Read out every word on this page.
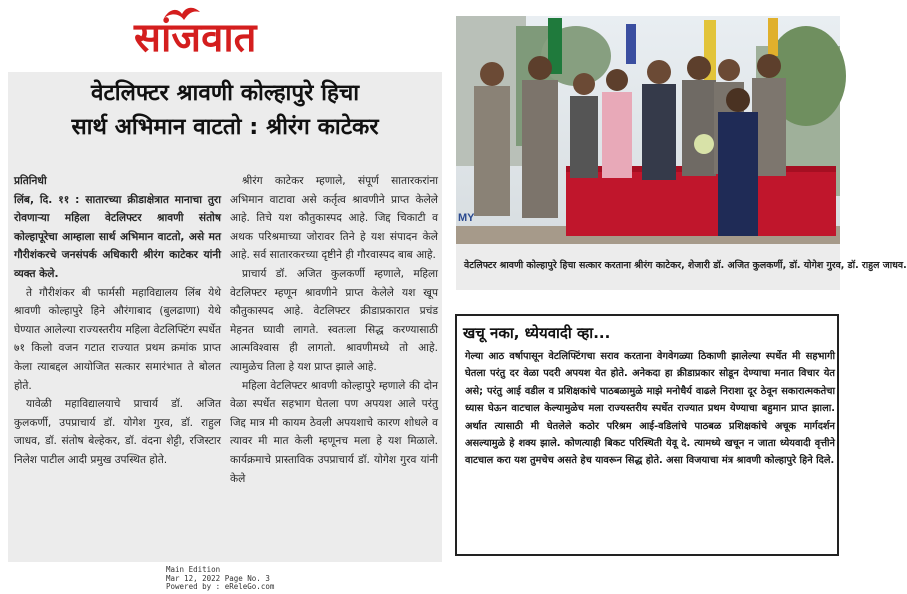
सांजवात
वेटलिफ्टर श्रावणी कोल्हापुरे हिचा
सार्थ अभिमान वाटतो : श्रीरंग काटेकर

प्रतिनिधी

लिंब, दि. ११ : सातारच्या क्रीडाक्षेत्रात मानाचा तुरा रोवणाऱ्या महिला वेटलिफ्टर श्रावणी संतोष कोल्हापूरेचा आम्हाला सार्थ अभिमान वाटतो, असे मत गौरीशंकरचे जनसंपर्क अधिकारी श्रीरंग काटेकर यांनी व्यक्त केले.

ते गौरीशंकर बी फार्मसी महाविद्यालय लिंब येथे श्रावणी कोल्हापुरे हिने औरंगाबाद (बुलढाणा) येथे घेण्यात आलेल्या राज्यस्तरीय महिला वेटलिफ्टिंग स्पर्धेत ७१ किलो वजन गटात राज्यात प्रथम क्रमांक प्राप्त केला त्याबद्दल आयोजित सत्कार समारंभात ते बोलत होते.

यावेळी महाविद्यालयाचे प्राचार्य डॉ. अजित कुलकर्णी, उपप्राचार्य डॉ. योगेश गुरव, डॉ. राहुल जाधव, डॉ. संतोष बेल्हेकर, डॉ. वंदना शेट्टी, रजिस्टार निलेश पाटील आदी प्रमुख उपस्थित होते.

श्रीरंग काटेकर म्हणाले, संपूर्ण सातारकरांना अभिमान वाटावा असे कर्तृत्व श्रावणीने प्राप्त केलेले आहे. तिचे यश कौतुकास्पद आहे. जिद्द चिकाटी व अथक परिश्रमाच्या जोरावर तिने हे यश संपादन केले आहे. सर्व सातारकरच्या दृष्टीने ही गौरवास्पद बाब आहे.

प्राचार्य डॉ. अजित कुलकर्णी म्हणाले, महिला वेटलिफ्टर म्हणून श्रावणीने प्राप्त केलेले यश खूप कौतुकास्पद आहे. वेटलिफ्टर क्रीडाप्रकारात प्रचंड मेहनत घ्यावी लागते. स्वतःला सिद्ध करण्यासाठी आत्मविश्वास ही लागतो. श्रावणीमध्ये तो आहे. त्यामुळेच तिला हे यश प्राप्त झाले आहे.

महिला वेटलिफ्टर श्रावणी कोल्हापुरे म्हणाले की दोन वेळा स्पर्धेत सहभाग घेतला पण अपयश आले परंतु जिद्द मात्र मी कायम ठेवली अपयशाचे कारण शोधले व त्यावर मी मात केली म्हणूनच मला हे यश मिळाले. कार्यक्रमाचे प्रास्ताविक उपप्राचार्य डॉ. योगेश गुरव यांनी केले

Main Edition
Mar 12, 2022 Page No. 3
Powered by : eReleGo.com
MY
वेटलिफ्टर श्रावणी कोल्हापुरे हिचा सत्कार करताना श्रीरंग काटेकर, शेजारी डॉ. अजित कुलकर्णी, डॉ. योगेश गुरव, डॉ. राहुल जाधव.
खचू नका, ध्येयवादी व्हा...
गेल्या आठ वर्षापासून वेटलिफ्टिंगचा सराव करताना वेगवेगळ्या ठिकाणी झालेल्या स्पर्धेत मी सहभागी घेतला परंतु दर वेळा पदरी अपयश येत होते. अनेकदा हा क्रीडाप्रकार सोडून देण्याचा मनात विचार येत असे; परंतु आई वडील व प्रशिक्षकांचे पाठबळामुळे माझे मनोधैर्य वाढले निराशा दूर ठेवून सकारात्मकतेचा ध्यास घेऊन वाटचाल केल्यामुळेच मला राज्यस्तरीय स्पर्धेत राज्यात प्रथम येण्याचा बहुमान प्राप्त झाला. अर्थात त्यासाठी मी घेतलेले कठोर परिश्रम आई-वडिलांचे पाठबळ प्रशिक्षकांचे अचूक मार्गदर्शन असल्यामुळे हे शक्य झाले. कोणत्याही बिकट परिस्थिती येवू दे. त्यामध्ये खचून न जाता ध्येयवादी वृत्तीने वाटचाल करा यश तुमचेच असते हेच यावरून सिद्ध होते. असा विजयाचा मंत्र श्रावणी कोल्हापुरे हिने दिले.
